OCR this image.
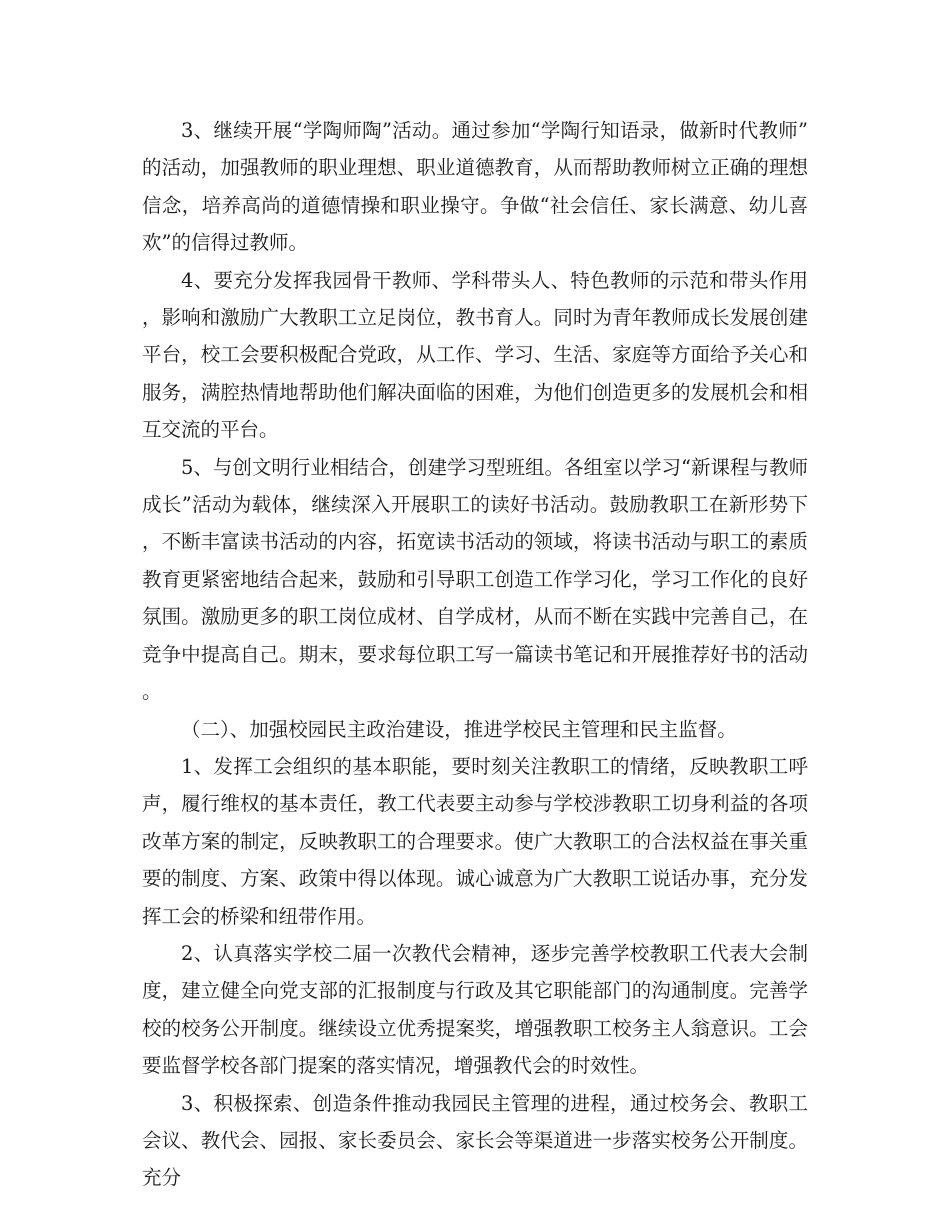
3、继续开展“学陶师陶”活动。通过参加“学陶行知语录，做新时代教师”的活动，加强教师的职业理想、职业道德教育，从而帮助教师树立正确的理想信念，培养高尚的道德情操和职业操守。争做“社会信任、家长满意、幼儿喜欢”的信得过教师。

4、要充分发挥我园骨干教师、学科带头人、特色教师的示范和带头作用，影响和激励广大教职工立足岗位，教书育人。同时为青年教师成长发展创建平台，校工会要积极配合党政，从工作、学习、生活、家庭等方面给予关心和服务，满腔热情地帮助他们解决面临的困难，为他们创造更多的发展机会和相互交流的平台。

5、与创文明行业相结合，创建学习型班组。各组室以学习“新课程与教师成长”活动为载体，继续深入开展职工的读好书活动。鼓励教职工在新形势下，不断丰富读书活动的内容，拓宽读书活动的领域，将读书活动与职工的素质教育更紧密地结合起来，鼓励和引导职工创造工作学习化，学习工作化的良好氛围。激励更多的职工岗位成材、自学成材，从而不断在实践中完善自己，在竞争中提高自己。期末，要求每位职工写一篇读书笔记和开展推荐好书的活动。

（二）、加强校园民主政治建设，推进学校民主管理和民主监督。

1、发挥工会组织的基本职能，要时刻关注教职工的情绪，反映教职工呼声，履行维权的基本责任，教工代表要主动参与学校涉教职工切身利益的各项改革方案的制定，反映教职工的合理要求。使广大教职工的合法权益在事关重要的制度、方案、政策中得以体现。诚心诚意为广大教职工说话办事，充分发挥工会的桥梁和纽带作用。

2、认真落实学校二届一次教代会精神，逐步完善学校教职工代表大会制度，建立健全向党支部的汇报制度与行政及其它职能部门的沟通制度。完善学校的校务公开制度。继续设立优秀提案奖，增强教职工校务主人翁意识。工会要监督学校各部门提案的落实情况，增强教代会的时效性。

3、积极探索、创造条件推动我园民主管理的进程，通过校务会、教职工会议、教代会、园报、家长委员会、家长会等渠道进一步落实校务公开制度。充分
